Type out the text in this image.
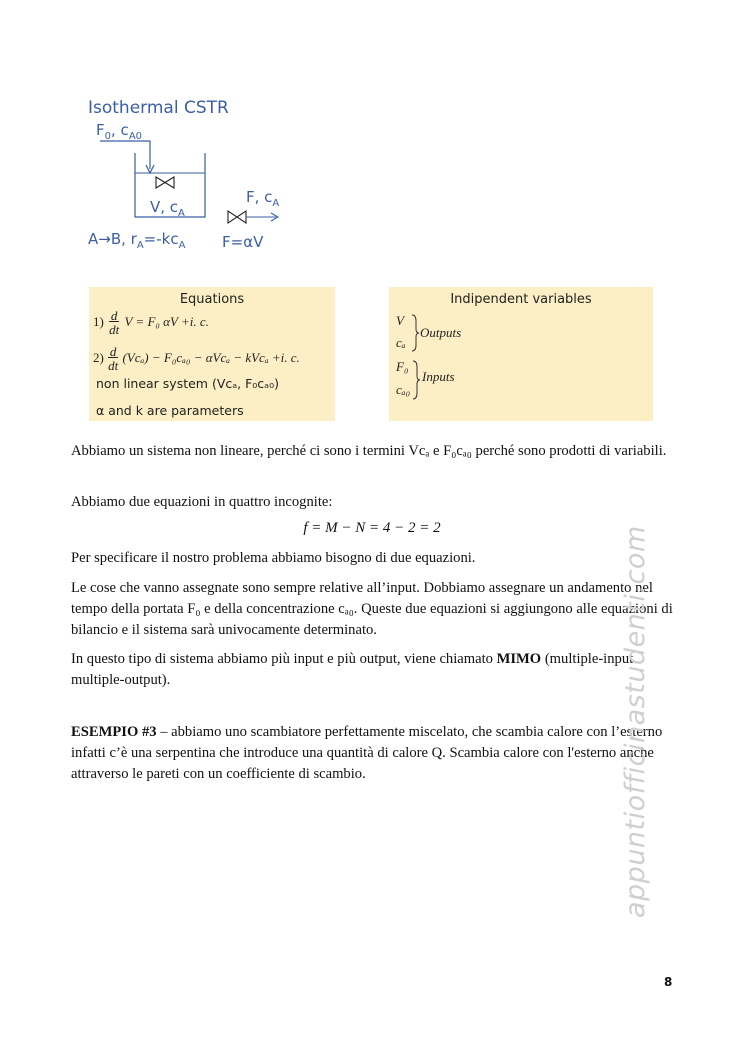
Isothermal CSTR
$F_0$, $c_{A0}$
V, $c_A$
F, $c_A$
A→B, $r_A=-kc_A$ F=αV
Equations
1) d
dt V = F₀ αV +i. c.
2) d
dt (Vcₐ) − F₀cₐ₀ − αVcₐ − kVcₐ +i. c.
non linear system (Vcₐ, F₀cₐ₀)
α and k are parameters
Indipendent variables
V
cₐ
Outputs
F₀
cₐ₀
Inputs
Abbiamo un sistema non lineare, perché ci sono i termini Vcₐ e F₀cₐ₀ perché sono prodotti di variabili.
Abbiamo due equazioni in quattro incognite:
f = M − N = 4 − 2 = 2
Per specificare il nostro problema abbiamo bisogno di due equazioni.
Le cose che vanno assegnate sono sempre relative all’input. Dobbiamo assegnare un andamento nel tempo della portata F₀ e della concentrazione cₐ₀. Queste due equazioni si aggiungono alle equazioni di bilancio e il sistema sarà univocamente determinato.
In questo tipo di sistema abbiamo più input e più output, viene chiamato MIMO (multiple-input multiple-output).
ESEMPIO #3 – abbiamo uno scambiatore perfettamente miscelato, che scambia calore con l’esterno infatti c’è una serpentina che introduce una quantità di calore Q. Scambia calore con l'esterno anche attraverso le pareti con un coefficiente di scambio.	appuntiofficinastudenti.com
8
